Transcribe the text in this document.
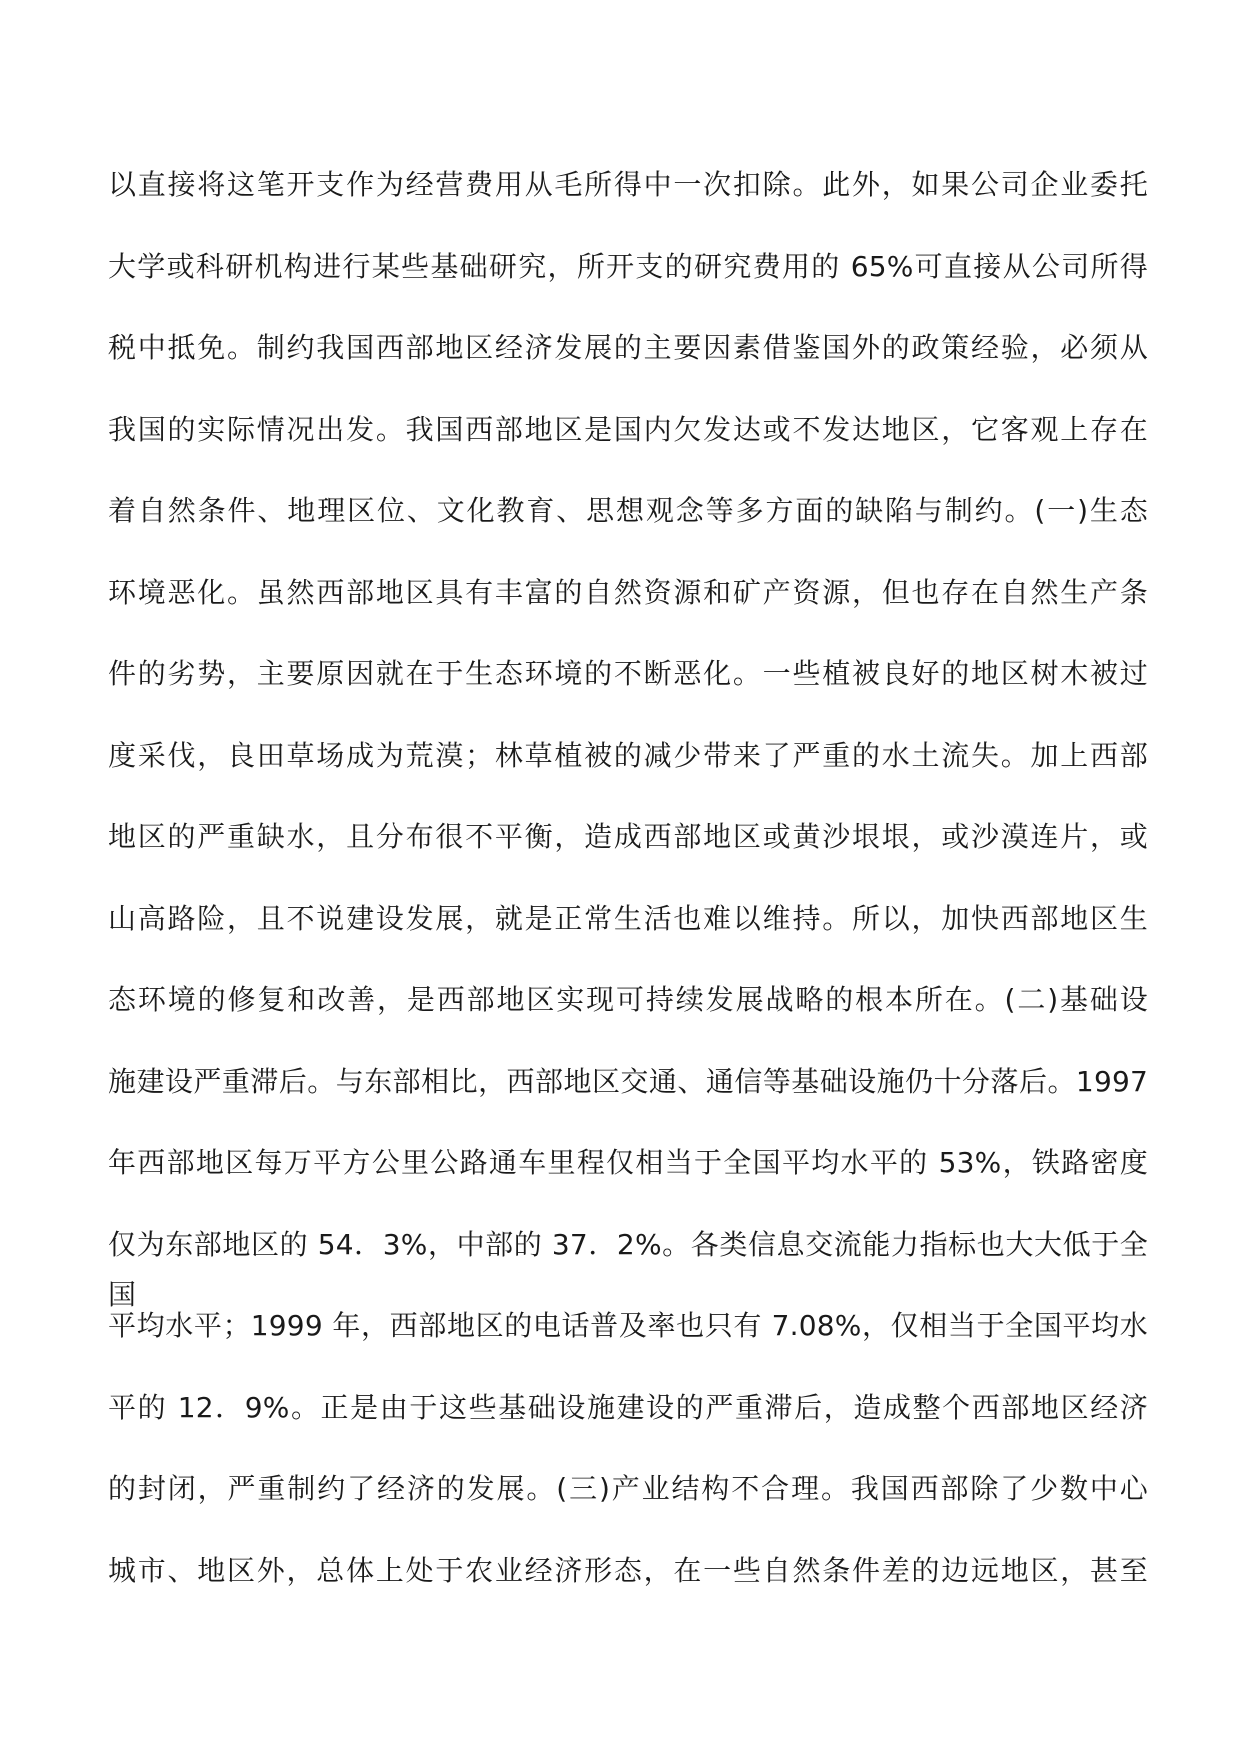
以直接将这笔开支作为经营费用从毛所得中一次扣除。此外，如果公司企业委托
大学或科研机构进行某些基础研究，所开支的研究费用的 65%可直接从公司所得
税中抵免。制约我国西部地区经济发展的主要因素借鉴国外的政策经验，必须从
我国的实际情况出发。我国西部地区是国内欠发达或不发达地区，它客观上存在
着自然条件、地理区位、文化教育、思想观念等多方面的缺陷与制约。(一)生态
环境恶化。虽然西部地区具有丰富的自然资源和矿产资源，但也存在自然生产条
件的劣势，主要原因就在于生态环境的不断恶化。一些植被良好的地区树木被过
度采伐，良田草场成为荒漠；林草植被的减少带来了严重的水土流失。加上西部
地区的严重缺水，且分布很不平衡，造成西部地区或黄沙垠垠，或沙漠连片，或
山高路险，且不说建设发展，就是正常生活也难以维持。所以，加快西部地区生
态环境的修复和改善，是西部地区实现可持续发展战略的根本所在。(二)基础设
施建设严重滞后。与东部相比，西部地区交通、通信等基础设施仍十分落后。1997
年西部地区每万平方公里公路通车里程仅相当于全国平均水平的 53%，铁路密度
仅为东部地区的 54．3%，中部的 37．2%。各类信息交流能力指标也大大低于全国
平均水平；1999 年，西部地区的电话普及率也只有 7.08%，仅相当于全国平均水
平的 12．9%。正是由于这些基础设施建设的严重滞后，造成整个西部地区经济
的封闭，严重制约了经济的发展。(三)产业结构不合理。我国西部除了少数中心
城市、地区外，总体上处于农业经济形态，在一些自然条件差的边远地区，甚至
